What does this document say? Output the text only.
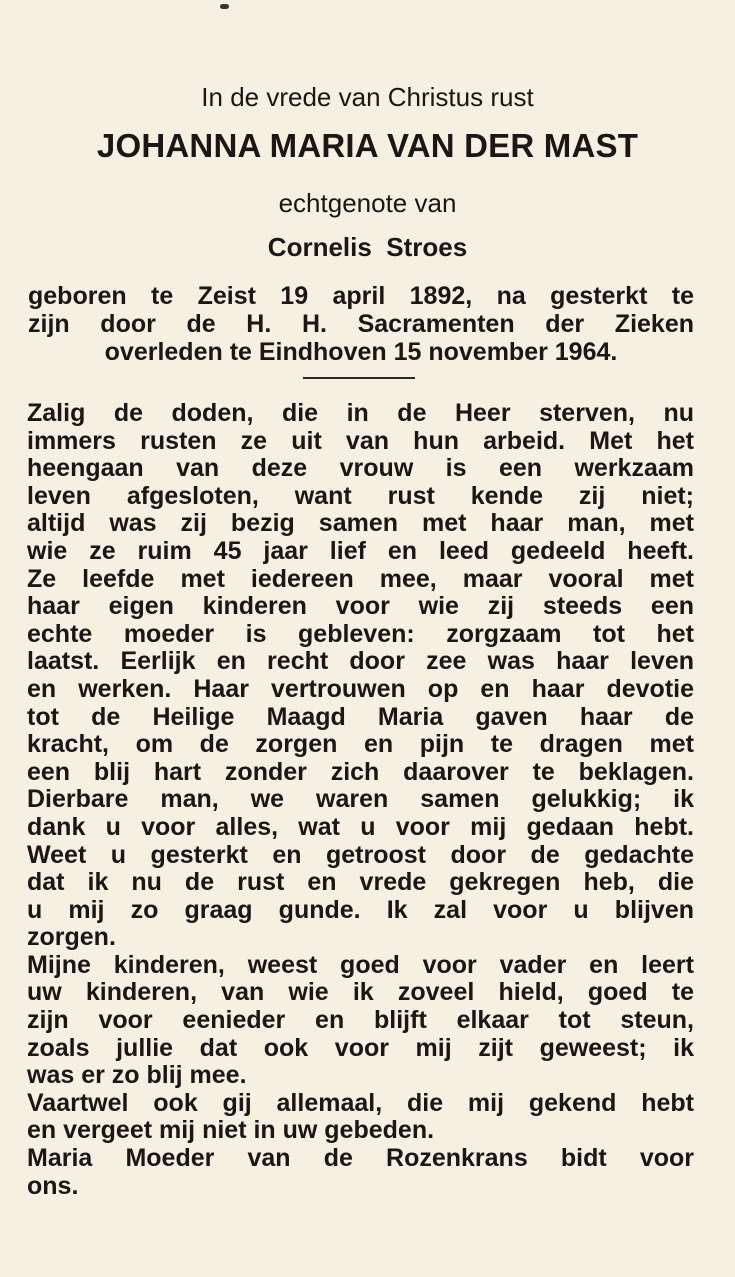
In de vrede van Christus rust
JOHANNA MARIA VAN DER MAST
echtgenote van
Cornelis  Stroes
geboren te Zeist 19 april 1892, na gesterkt te
zijn door de H. H. Sacramenten der Zieken
overleden te Eindhoven 15 november 1964.
Zalig de doden, die in de Heer sterven, nu
immers rusten ze uit van hun arbeid. Met het
heengaan van deze vrouw is een werkzaam
leven afgesloten, want rust kende zij niet;
altijd was zij bezig samen met haar man, met
wie ze ruim 45 jaar lief en leed gedeeld heeft.
Ze leefde met iedereen mee, maar vooral met
haar eigen kinderen voor wie zij steeds een
echte moeder is gebleven: zorgzaam tot het
laatst. Eerlijk en recht door zee was haar leven
en werken. Haar vertrouwen op en haar devotie
tot de Heilige Maagd Maria gaven haar de
kracht, om de zorgen en pijn te dragen met
een blij hart zonder zich daarover te beklagen.
Dierbare man, we waren samen gelukkig; ik
dank u voor alles, wat u voor mij gedaan hebt.
Weet u gesterkt en getroost door de gedachte
dat ik nu de rust en vrede gekregen heb, die
u mij zo graag gunde. Ik zal voor u blijven
zorgen.
Mijne kinderen, weest goed voor vader en leert
uw kinderen, van wie ik zoveel hield, goed te
zijn voor eenieder en blijft elkaar tot steun,
zoals jullie dat ook voor mij zijt geweest; ik
was er zo blij mee.
Vaartwel ook gij allemaal, die mij gekend hebt
en vergeet mij niet in uw gebeden.
Maria Moeder van de Rozenkrans bidt voor
ons.
